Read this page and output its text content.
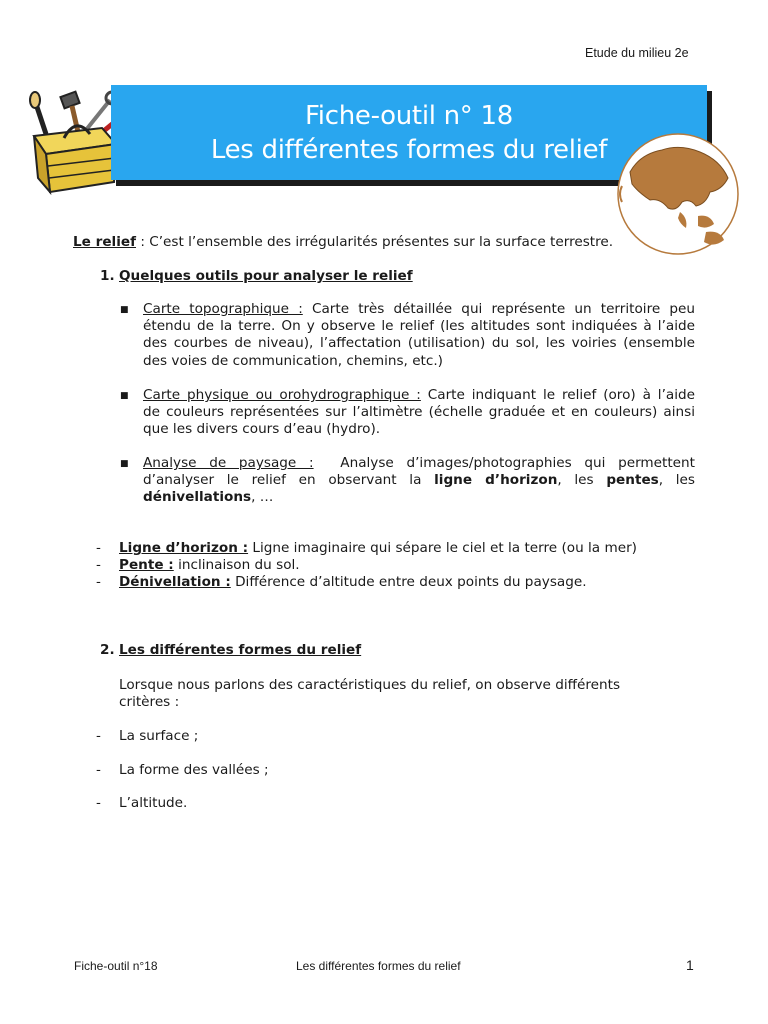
Etude du milieu 2e
Fiche-outil n° 18
Les différentes formes du relief
Le relief : C’est l’ensemble des irrégularités présentes sur la surface terrestre.
1. Quelques outils pour analyser le relief
■ Carte topographique : Carte très détaillée qui représente un territoire peu
étendu de la terre. On y observe le relief (les altitudes sont indiquées à l’aide
des courbes de niveau), l’affectation (utilisation) du sol, les voiries (ensemble
des voies de communication, chemins, etc.)
■ Carte physique ou orohydrographique : Carte indiquant le relief (oro) à l’aide
de couleurs représentées sur l’altimètre (échelle graduée et en couleurs) ainsi
que les divers cours d’eau (hydro).
■ Analyse de paysage : Analyse d’images/photographies qui permettent
d’analyser le relief en observant la ligne d’horizon, les pentes, les
dénivellations, …
- Ligne d’horizon : Ligne imaginaire qui sépare le ciel et la terre (ou la mer)
- Pente : inclinaison du sol.
- Dénivellation : Différence d’altitude entre deux points du paysage.
2. Les différentes formes du relief
Lorsque nous parlons des caractéristiques du relief, on observe différents
critères :
- La surface ;
- La forme des vallées ;
- L’altitude.
Fiche-outil n°18	Les différentes formes du relief	1
